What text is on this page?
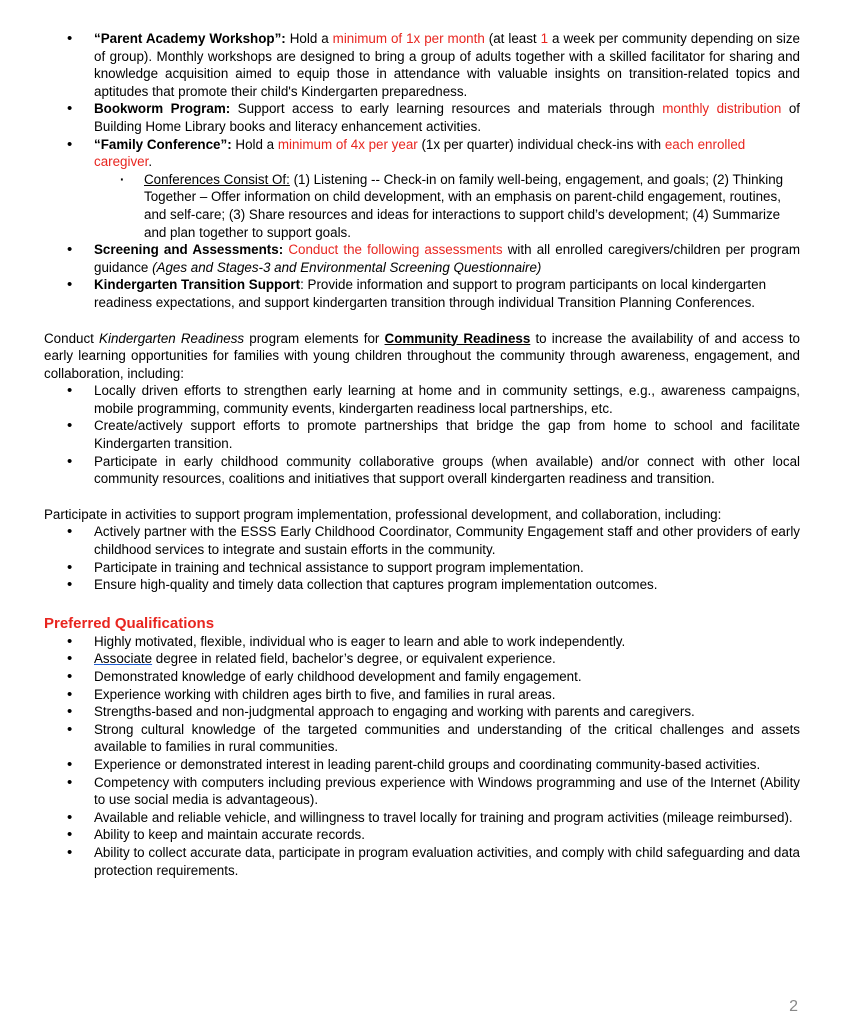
• “Parent Academy Workshop”: Hold a minimum of 1x per month (at least 1 a week per community depending on size of group). Monthly workshops are designed to bring a group of adults together with a skilled facilitator for sharing and knowledge acquisition aimed to equip those in attendance with valuable insights on transition-related topics and aptitudes that promote their child's Kindergarten preparedness.
• Bookworm Program: Support access to early learning resources and materials through monthly distribution of Building Home Library books and literacy enhancement activities.
• “Family Conference”: Hold a minimum of 4x per year (1x per quarter) individual check-ins with each enrolled caregiver.
· Conferences Consist Of: (1) Listening -- Check-in on family well-being, engagement, and goals; (2) Thinking Together – Offer information on child development, with an emphasis on parent-child engagement, routines, and self-care; (3) Share resources and ideas for interactions to support child’s development; (4) Summarize and plan together to support goals.
• Screening and Assessments: Conduct the following assessments with all enrolled caregivers/children per program guidance (Ages and Stages-3 and Environmental Screening Questionnaire)
• Kindergarten Transition Support: Provide information and support to program participants on local kindergarten readiness expectations, and support kindergarten transition through individual Transition Planning Conferences.

Conduct Kindergarten Readiness program elements for Community Readiness to increase the availability of and access to early learning opportunities for families with young children throughout the community through awareness, engagement, and collaboration, including:

• Locally driven efforts to strengthen early learning at home and in community settings, e.g., awareness campaigns, mobile programming, community events, kindergarten readiness local partnerships, etc.
• Create/actively support efforts to promote partnerships that bridge the gap from home to school and facilitate Kindergarten transition.
• Participate in early childhood community collaborative groups (when available) and/or connect with other local community resources, coalitions and initiatives that support overall kindergarten readiness and transition.

Participate in activities to support program implementation, professional development, and collaboration, including:

• Actively partner with the ESSS Early Childhood Coordinator, Community Engagement staff and other providers of early childhood services to integrate and sustain efforts in the community.
• Participate in training and technical assistance to support program implementation.
• Ensure high-quality and timely data collection that captures program implementation outcomes.
Preferred Qualifications
• Highly motivated, flexible, individual who is eager to learn and able to work independently.
• Associate degree in related field, bachelor’s degree, or equivalent experience.
• Demonstrated knowledge of early childhood development and family engagement.
• Experience working with children ages birth to five, and families in rural areas.
• Strengths-based and non-judgmental approach to engaging and working with parents and caregivers.
• Strong cultural knowledge of the targeted communities and understanding of the critical challenges and assets available to families in rural communities.
• Experience or demonstrated interest in leading parent-child groups and coordinating community-based activities.
• Competency with computers including previous experience with Windows programming and use of the Internet (Ability to use social media is advantageous).
• Available and reliable vehicle, and willingness to travel locally for training and program activities (mileage reimbursed).
• Ability to keep and maintain accurate records.
• Ability to collect accurate data, participate in program evaluation activities, and comply with child safeguarding and data protection requirements.
2
